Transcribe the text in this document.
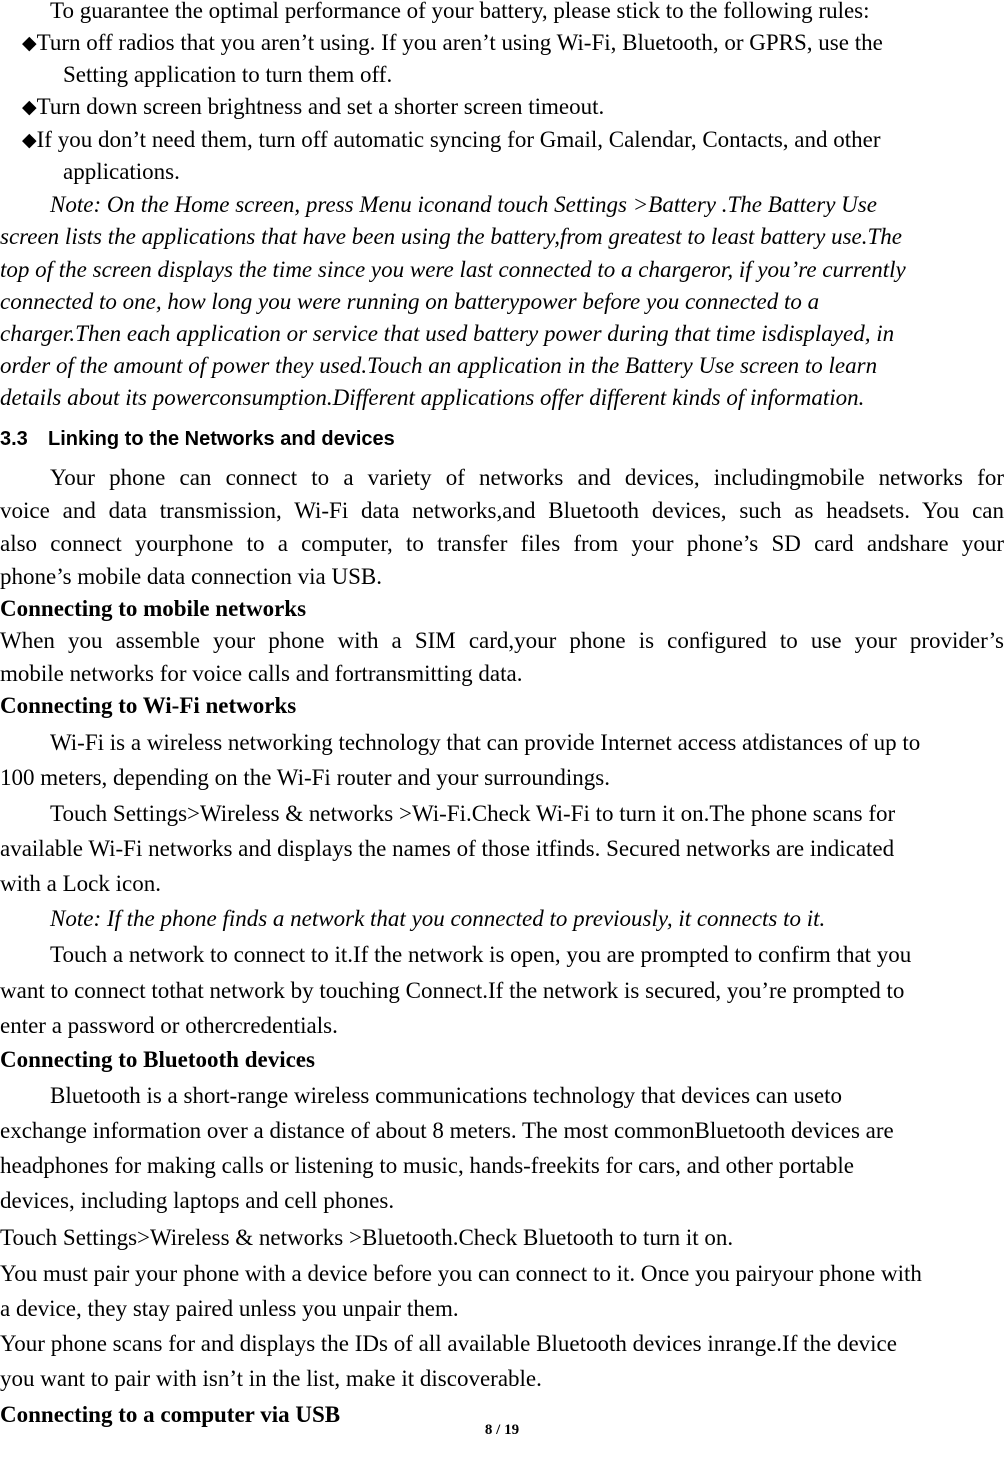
To guarantee the optimal performance of your battery, please stick to the following rules:
◆Turn off radios that you aren’t using. If you aren’t using Wi-Fi, Bluetooth, or GPRS, use the
Setting application to turn them off.
◆Turn down screen brightness and set a shorter screen timeout.
◆If you don’t need them, turn off automatic syncing for Gmail, Calendar, Contacts, and other
applications.
Note: On the Home screen, press Menu iconand touch Settings >Battery .The Battery Use
screen lists the applications that have been using the battery,from greatest to least battery use.The
top of the screen displays the time since you were last connected to a chargeror, if you’re currently
connected to one, how long you were running on batterypower before you connected to a
charger.Then each application or service that used battery power during that time isdisplayed, in
order of the amount of power they used.Touch an application in the Battery Use screen to learn
details about its powerconsumption.Different applications offer different kinds of information.
3.3 Linking to the Networks and devices
Your phone can connect to a variety of networks and devices, includingmobile networks for
voice and data transmission, Wi-Fi data networks,and Bluetooth devices, such as headsets. You can
also connect yourphone to a computer, to transfer files from your phone’s SD card andshare your
phone’s mobile data connection via USB.
Connecting to mobile networks
When you assemble your phone with a SIM card,your phone is configured to use your provider’s
mobile networks for voice calls and fortransmitting data.
Connecting to Wi-Fi networks
Wi-Fi is a wireless networking technology that can provide Internet access atdistances of up to
100 meters, depending on the Wi-Fi router and your surroundings.
Touch Settings>Wireless & networks >Wi-Fi.Check Wi-Fi to turn it on.The phone scans for
available Wi-Fi networks and displays the names of those itfinds. Secured networks are indicated
with a Lock icon.
Note: If the phone finds a network that you connected to previously, it connects to it.
Touch a network to connect to it.If the network is open, you are prompted to confirm that you
want to connect tothat network by touching Connect.If the network is secured, you’re prompted to
enter a password or othercredentials.
Connecting to Bluetooth devices
Bluetooth is a short-range wireless communications technology that devices can useto
exchange information over a distance of about 8 meters. The most commonBluetooth devices are
headphones for making calls or listening to music, hands-freekits for cars, and other portable
devices, including laptops and cell phones.
Touch Settings>Wireless & networks >Bluetooth.Check Bluetooth to turn it on.
You must pair your phone with a device before you can connect to it. Once you pairyour phone with
a device, they stay paired unless you unpair them.
Your phone scans for and displays the IDs of all available Bluetooth devices inrange.If the device
you want to pair with isn’t in the list, make it discoverable.
Connecting to a computer via USB
8 / 19
